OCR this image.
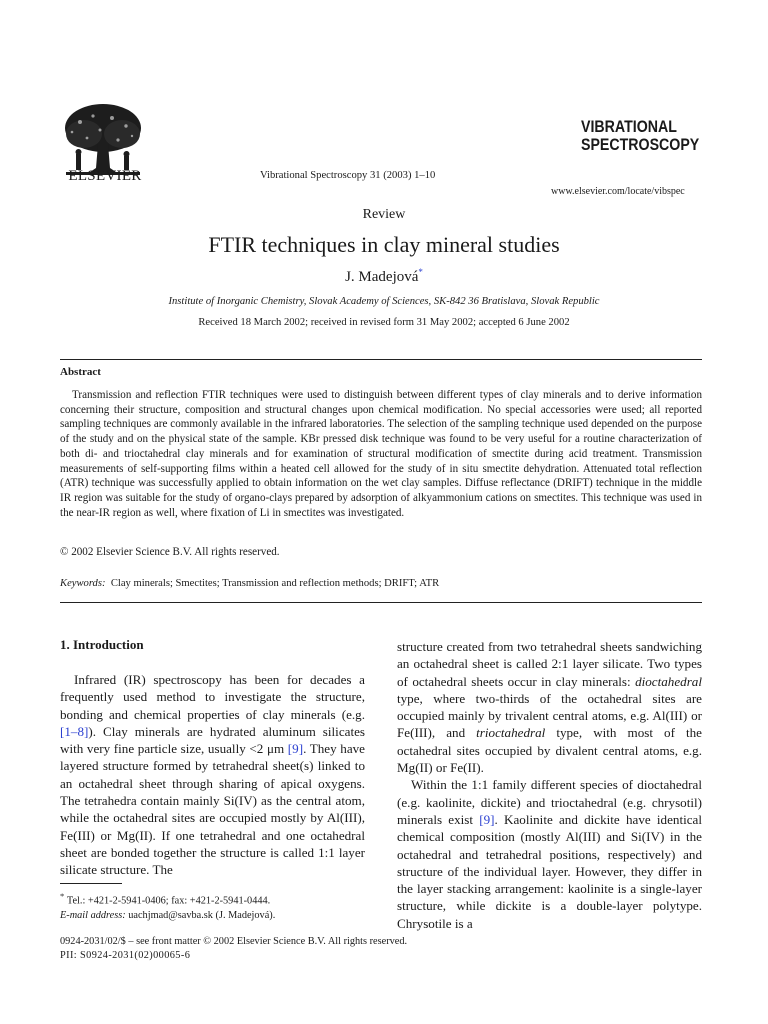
ELSEVIER	Vibrational Spectroscopy 31 (2003) 1–10
VIBRATIONAL
SPECTROSCOPY
www.elsevier.com/locate/vibspec
Review
FTIR techniques in clay mineral studies
J. Madejová*
Institute of Inorganic Chemistry, Slovak Academy of Sciences, SK-842 36 Bratislava, Slovak Republic
Received 18 March 2002; received in revised form 31 May 2002; accepted 6 June 2002
Abstract

Transmission and reflection FTIR techniques were used to distinguish between different types of clay minerals and to derive information concerning their structure, composition and structural changes upon chemical modification. No special accessories were used; all reported sampling techniques are commonly available in the infrared laboratories. The selection of the sampling technique used depended on the purpose of the study and on the physical state of the sample. KBr pressed disk technique was found to be very useful for a routine characterization of both di- and trioctahedral clay minerals and for examination of structural modification of smectite during acid treatment. Transmission measurements of self-supporting films within a heated cell allowed for the study of in situ smectite dehydration. Attenuated total reflection (ATR) technique was successfully applied to obtain information on the wet clay samples. Diffuse reflectance (DRIFT) technique in the middle IR region was suitable for the study of organo-clays prepared by adsorption of alkyammonium cations on smectites. This technique was used in the near-IR region as well, where fixation of Li in smectites was investigated.

© 2002 Elsevier Science B.V. All rights reserved.
Keywords: Clay minerals; Smectites; Transmission and reflection methods; DRIFT; ATR
1. Introduction

Infrared (IR) spectroscopy has been for decades a frequently used method to investigate the structure, bonding and chemical properties of clay minerals (e.g. [1–8]). Clay minerals are hydrated aluminum silicates with very fine particle size, usually <2 μm [9]. They have layered structure formed by tetrahedral sheet(s) linked to an octahedral sheet through sharing of apical oxygens. The tetrahedra contain mainly Si(IV) as the central atom, while the octahedral sites are occupied mostly by Al(III), Fe(III) or Mg(II). If one tetrahedral and one octahedral sheet are bonded together the structure is called 1:1 layer silicate structure. The

structure created from two tetrahedral sheets sandwiching an octahedral sheet is called 2:1 layer silicate. Two types of octahedral sheets occur in clay minerals: dioctahedral type, where two-thirds of the octahedral sites are occupied mainly by trivalent central atoms, e.g. Al(III) or Fe(III), and trioctahedral type, with most of the octahedral sites occupied by divalent central atoms, e.g. Mg(II) or Fe(II).

Within the 1:1 family different species of dioctahedral (e.g. kaolinite, dickite) and trioctahedral (e.g. chrysotil) minerals exist [9]. Kaolinite and dickite have identical chemical composition (mostly Al(III) and Si(IV) in the octahedral and tetrahedral positions, respectively) and structure of the individual layer. However, they differ in the layer stacking arrangement: kaolinite is a single-layer structure, while dickite is a double-layer polytype. Chrysotile is a

* Tel.: +421-2-5941-0406; fax: +421-2-5941-0444.
E-mail address: uachjmad@savba.sk (J. Madejová).
0924-2031/02/$ – see front matter © 2002 Elsevier Science B.V. All rights reserved.
PII: S0924-2031(02)00065-6
